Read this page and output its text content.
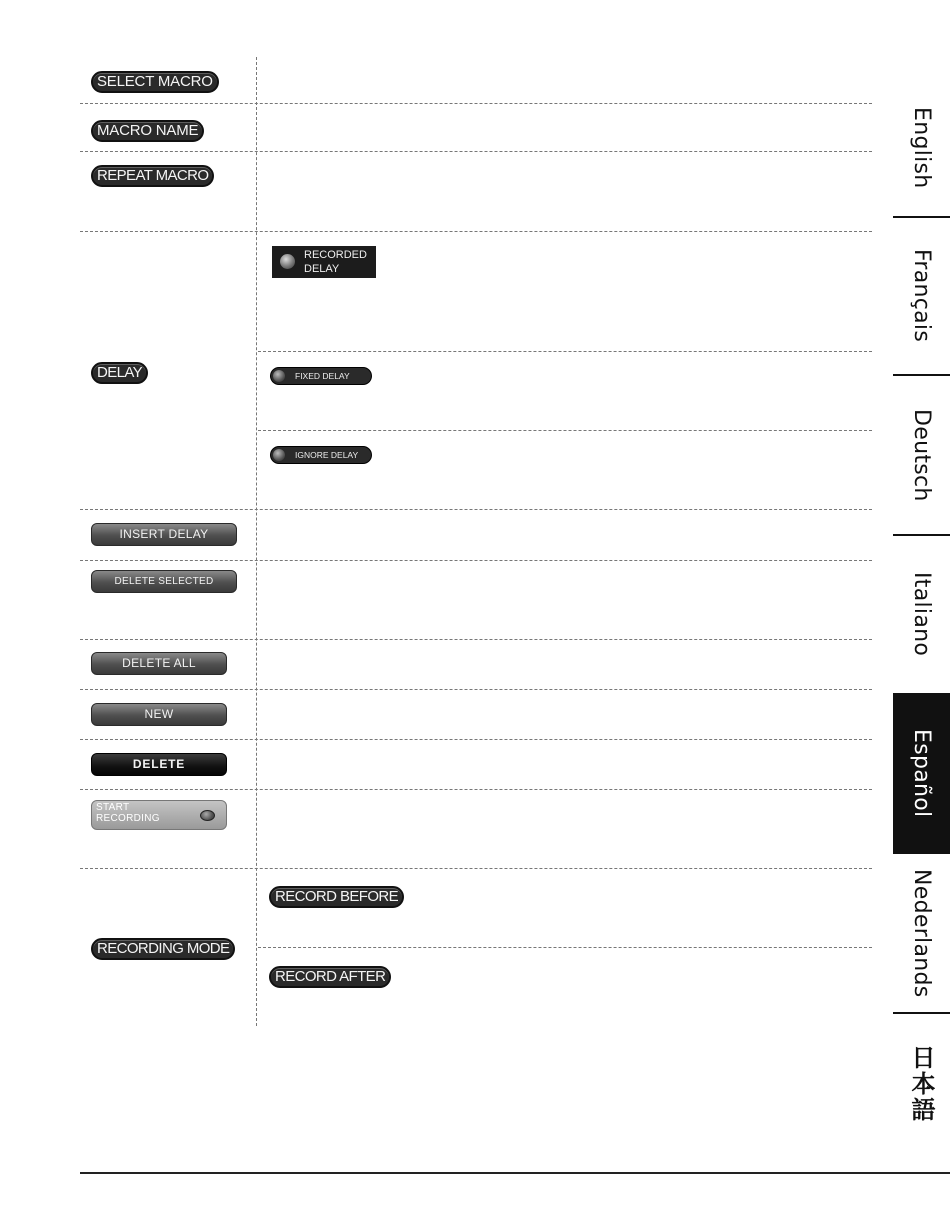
SELECT MACRO
MACRO NAME
REPEAT MACRO
DELAY
INSERT DELAY
DELETE SELECTED
DELETE ALL
NEW
DELETE
START
RECORDING
RECORDING MODE
RECORDED
DELAY
FIXED DELAY
IGNORE DELAY
RECORD BEFORE
RECORD AFTER
English
Français
Deutsch
Italiano
Español
Nederlands
日本語
